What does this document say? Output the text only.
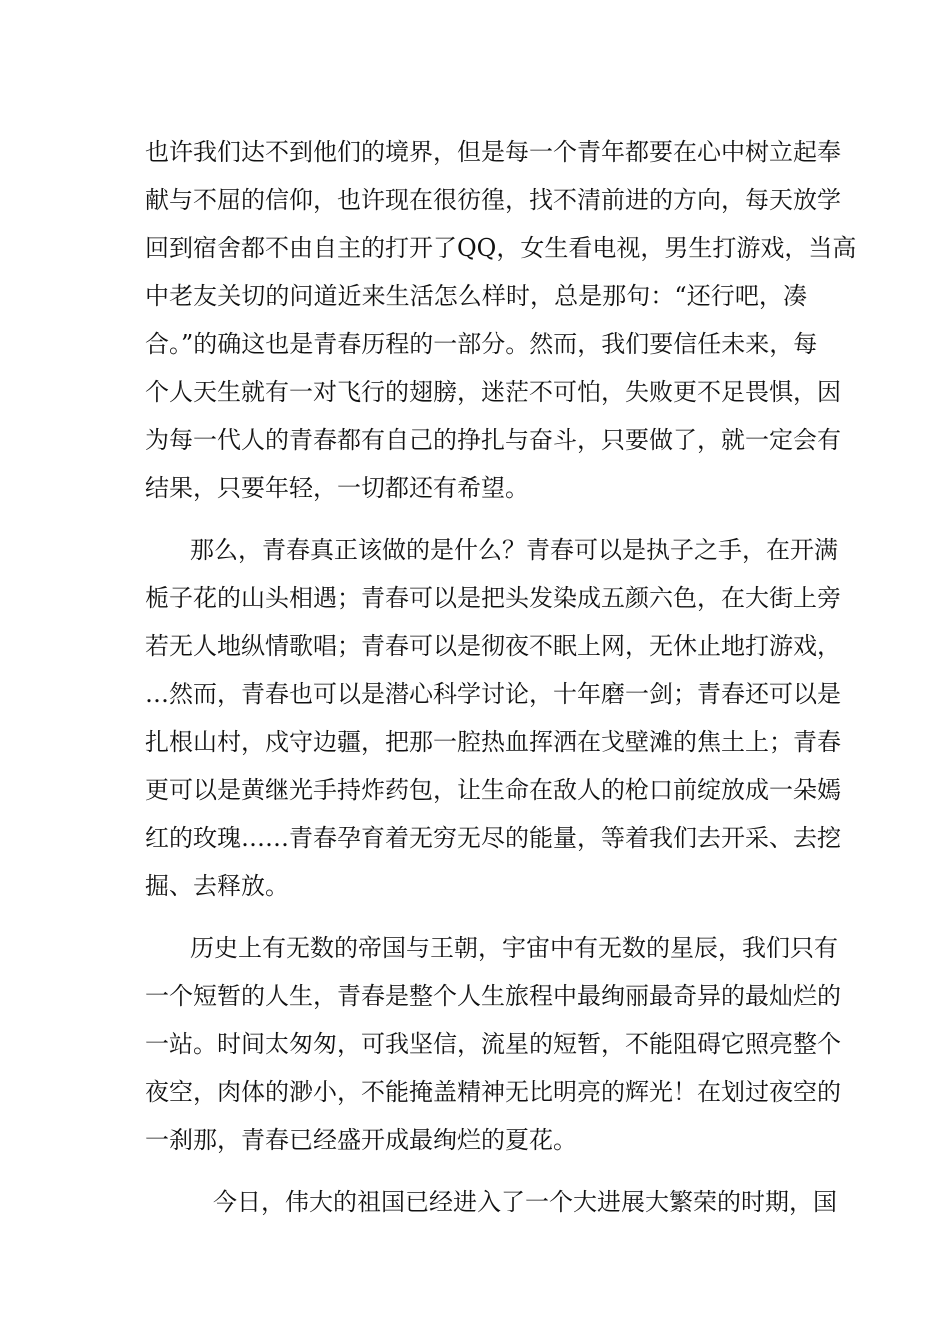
也许我们达不到他们的境界，但是每一个青年都要在心中树立起奉

献与不屈的信仰，也许现在很彷徨，找不清前进的方向，每天放学

回到宿舍都不由自主的打开了QQ，女生看电视，男生打游戏，当高

中老友关切的问道近来生活怎么样时，总是那句：“还行吧，凑

合。”的确这也是青春历程的一部分。然而，我们要信任未来，每

个人天生就有一对飞行的翅膀，迷茫不可怕，失败更不足畏惧，因

为每一代人的青春都有自己的挣扎与奋斗，只要做了，就一定会有

结果，只要年轻，一切都还有希望。

那么，青春真正该做的是什么？青春可以是执子之手，在开满

栀子花的山头相遇；青春可以是把头发染成五颜六色，在大街上旁

若无人地纵情歌唱；青春可以是彻夜不眠上网，无休止地打游戏，

…然而，青春也可以是潜心科学讨论，十年磨一剑；青春还可以是

扎根山村，戍守边疆，把那一腔热血挥洒在戈壁滩的焦土上；青春

更可以是黄继光手持炸药包，让生命在敌人的枪口前绽放成一朵嫣

红的玫瑰……青春孕育着无穷无尽的能量，等着我们去开采、去挖

掘、去释放。

历史上有无数的帝国与王朝，宇宙中有无数的星辰，我们只有

一个短暂的人生，青春是整个人生旅程中最绚丽最奇异的最灿烂的

一站。时间太匆匆，可我坚信，流星的短暂，不能阻碍它照亮整个

夜空，肉体的渺小，不能掩盖精神无比明亮的辉光！在划过夜空的

一刹那，青春已经盛开成最绚烂的夏花。

今日，伟大的祖国已经进入了一个大进展大繁荣的时期，国
